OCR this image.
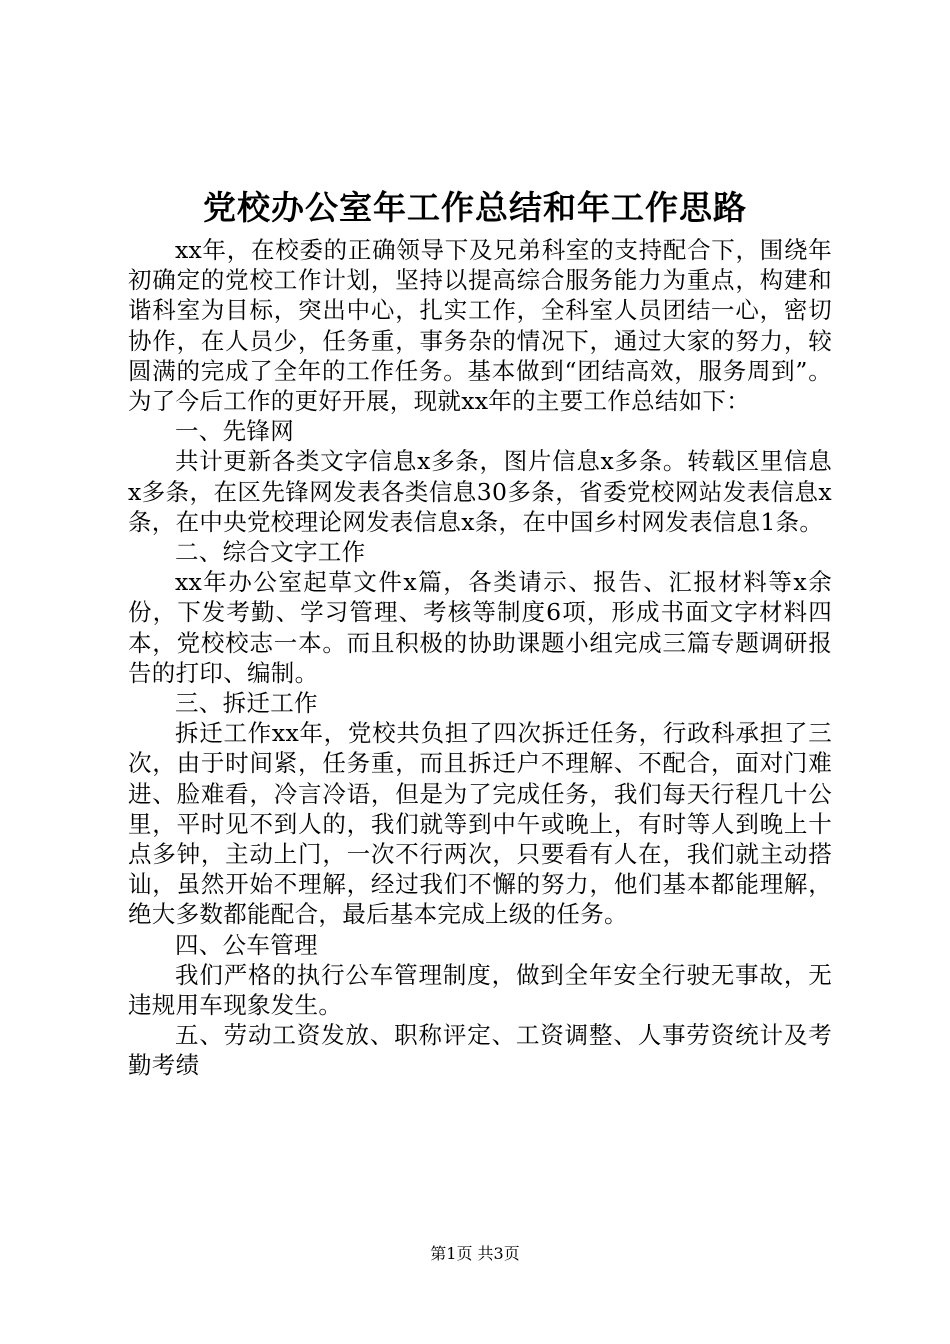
党校办公室年工作总结和年工作思路

xx年，在校委的正确领导下及兄弟科室的支持配合下，围绕年初确定的党校工作计划，坚持以提高综合服务能力为重点，构建和谐科室为目标，突出中心，扎实工作，全科室人员团结一心，密切协作，在人员少，任务重，事务杂的情况下，通过大家的努力，较圆满的完成了全年的工作任务。基本做到“团结高效，服务周到”。为了今后工作的更好开展，现就xx年的主要工作总结如下：

一、先锋网

共计更新各类文字信息x多条，图片信息x多条。转载区里信息x多条，在区先锋网发表各类信息30多条，省委党校网站发表信息x条，在中央党校理论网发表信息x条，在中国乡村网发表信息1条。

二、综合文字工作

xx年办公室起草文件x篇，各类请示、报告、汇报材料等x余份，下发考勤、学习管理、考核等制度6项，形成书面文字材料四本，党校校志一本。而且积极的协助课题小组完成三篇专题调研报告的打印、编制。

三、拆迁工作

拆迁工作xx年，党校共负担了四次拆迁任务，行政科承担了三次，由于时间紧，任务重，而且拆迁户不理解、不配合，面对门难进、脸难看，冷言冷语，但是为了完成任务，我们每天行程几十公里，平时见不到人的，我们就等到中午或晚上，有时等人到晚上十点多钟，主动上门，一次不行两次，只要看有人在，我们就主动搭讪，虽然开始不理解，经过我们不懈的努力，他们基本都能理解，绝大多数都能配合，最后基本完成上级的任务。

四、公车管理

我们严格的执行公车管理制度，做到全年安全行驶无事故，无违规用车现象发生。

五、劳动工资发放、职称评定、工资调整、人事劳资统计及考勤考绩

第1页 共3页
